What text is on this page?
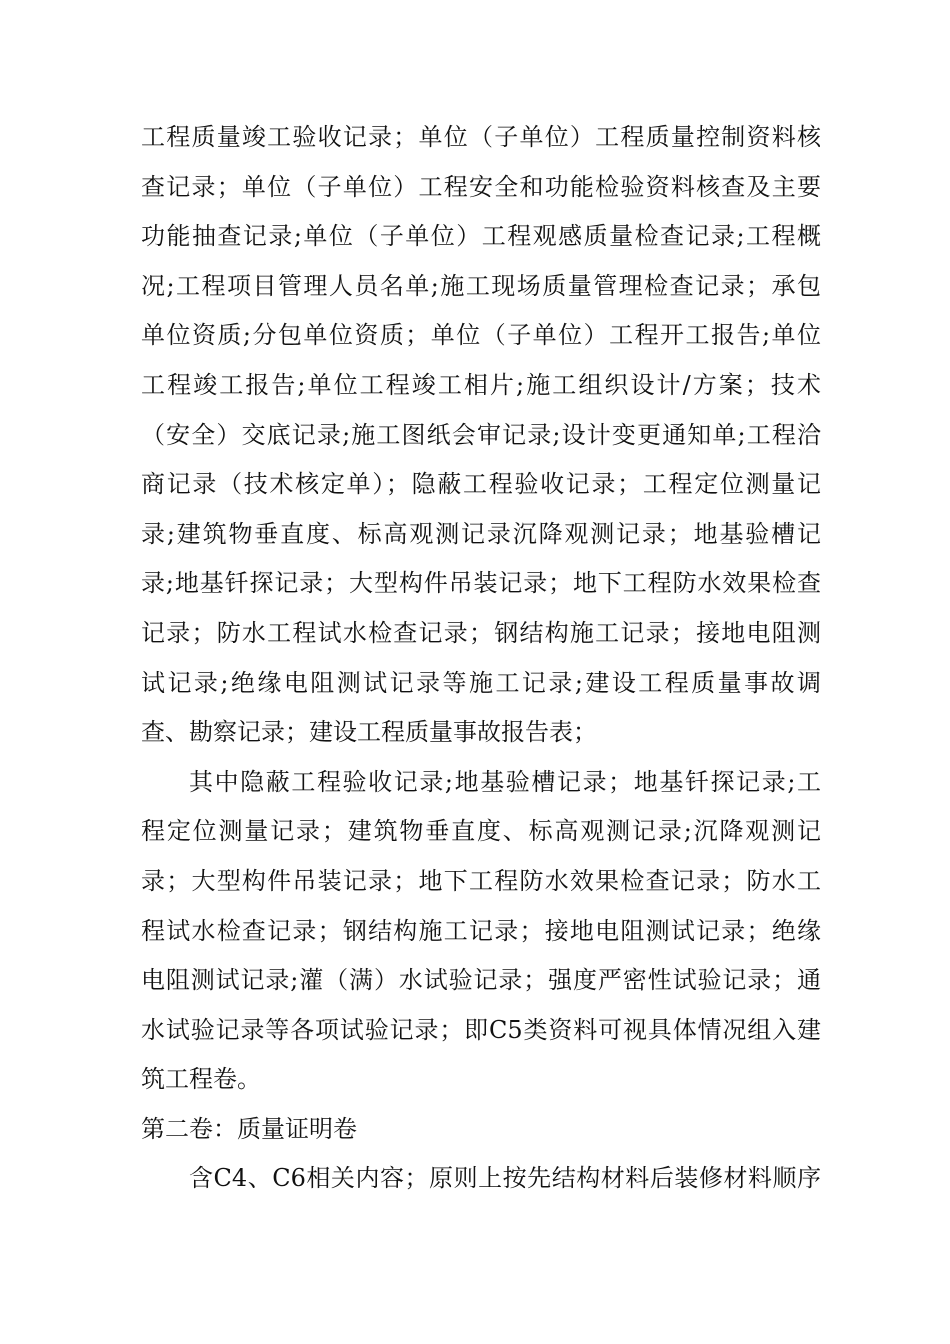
工程质量竣工验收记录；单位（子单位）工程质量控制资料核
查记录；单位（子单位）工程安全和功能检验资料核查及主要
功能抽查记录;单位（子单位）工程观感质量检查记录;工程概
况;工程项目管理人员名单;施工现场质量管理检查记录；承包
单位资质;分包单位资质；单位（子单位）工程开工报告;单位
工程竣工报告;单位工程竣工相片;施工组织设计/方案；技术
（安全）交底记录;施工图纸会审记录;设计变更通知单;工程洽
商记录（技术核定单）；隐蔽工程验收记录；工程定位测量记
录;建筑物垂直度、标高观测记录沉降观测记录；地基验槽记
录;地基钎探记录；大型构件吊装记录；地下工程防水效果检查
记录；防水工程试水检查记录；钢结构施工记录；接地电阻测
试记录;绝缘电阻测试记录等施工记录;建设工程质量事故调
查、勘察记录；建设工程质量事故报告表；
其中隐蔽工程验收记录;地基验槽记录；地基钎探记录;工
程定位测量记录；建筑物垂直度、标高观测记录;沉降观测记
录；大型构件吊装记录；地下工程防水效果检查记录；防水工
程试水检查记录；钢结构施工记录；接地电阻测试记录；绝缘
电阻测试记录;灌（满）水试验记录；强度严密性试验记录；通
水试验记录等各项试验记录；即C5类资料可视具体情况组入建
筑工程卷。
第二卷：质量证明卷
含C4、C6相关内容；原则上按先结构材料后装修材料顺序
